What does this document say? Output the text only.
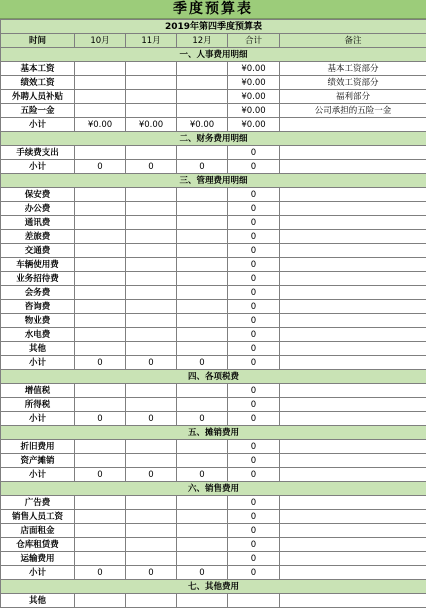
季度预算表
2019年第四季度预算表					
时间	10月	11月	12月	合计	备注
一、人事费用明细					
基本工资				¥0.00	基本工资部分
绩效工资				¥0.00	绩效工资部分
外聘人员补贴				¥0.00	福利部分
五险一金				¥0.00	公司承担的五险一金
小计	¥0.00	¥0.00	¥0.00	¥0.00	
二、财务费用明细					
手续费支出				0	
小计	0	0	0	0	
三、管理费用明细					
保安费				0	
办公费				0	
通讯费				0	
差旅费				0	
交通费				0	
车辆使用费				0	
业务招待费				0	
会务费				0	
咨询费				0	
物业费				0	
水电费				0	
其他				0	
小计	0	0	0	0	
四、各项税费					
增值税				0	
所得税				0	
小计	0	0	0	0	
五、摊销费用					
折旧费用				0	
资产摊销				0	
小计	0	0	0	0	
六、销售费用					
广告费				0	
销售人员工资				0	
店面租金				0	
仓库租赁费				0	
运输费用				0	
小计	0	0	0	0	
七、其他费用					
其他					
